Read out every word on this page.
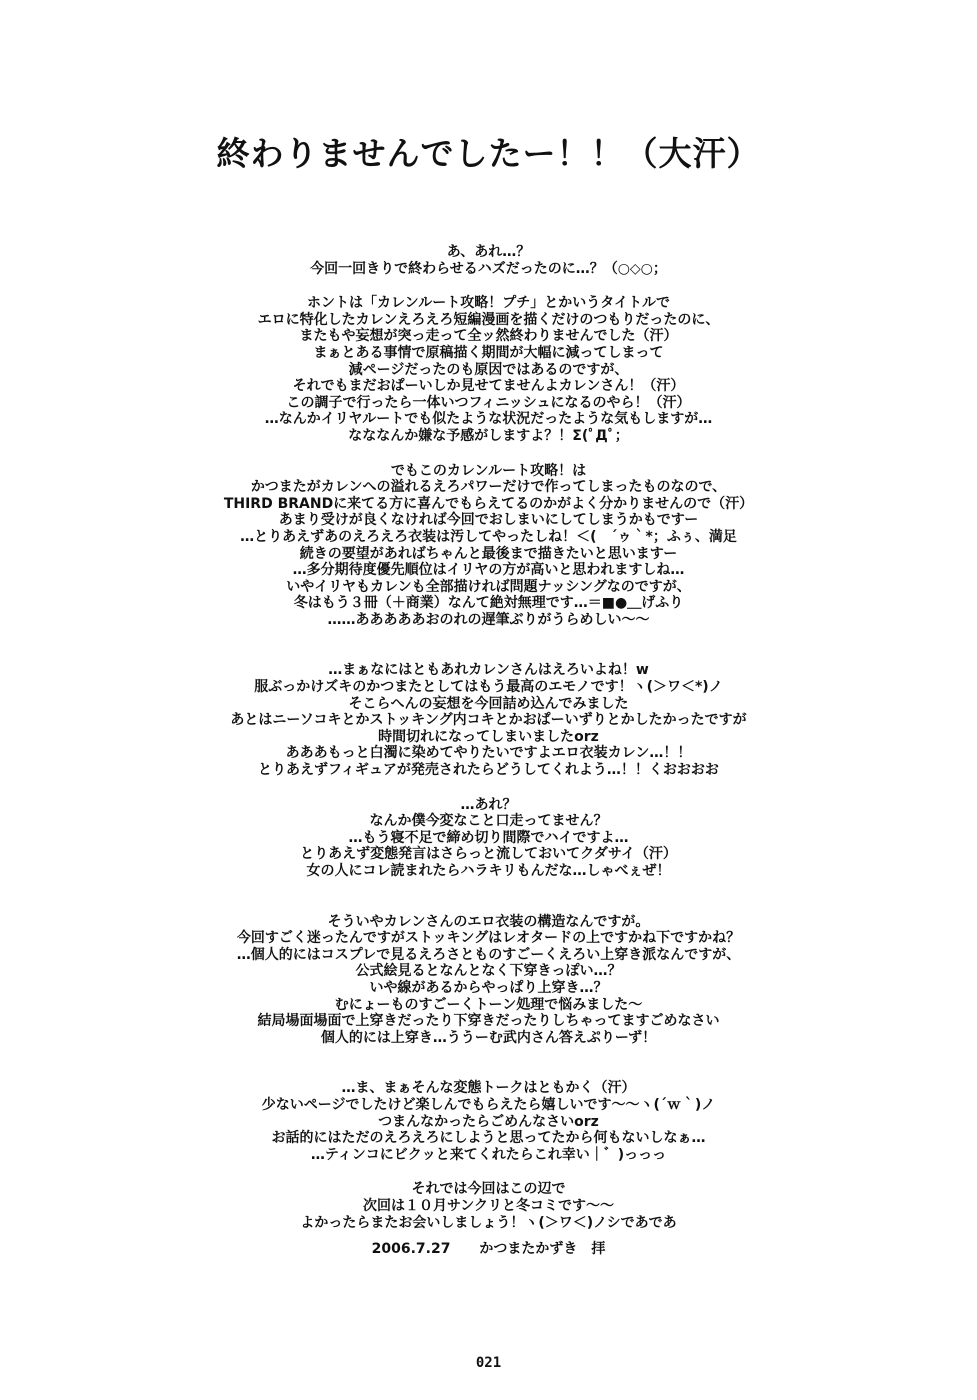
終わりませんでしたー！！（大汗）
あ、あれ…？
今回一回きりで終わらせるハズだったのに…？（○◇○；
ホントは「カレンルート攻略！プチ」とかいうタイトルで
エロに特化したカレンえろえろ短編漫画を描くだけのつもりだったのに、
またもや妄想が突っ走って全ッ然終わりませんでした（汗）
まぁとある事情で原稿描く期間が大幅に減ってしまって
減ページだったのも原因ではあるのですが、
それでもまだおぱーいしか見せてませんよカレンさん！（汗）
この調子で行ったら一体いつフィニッシュになるのやら！（汗）
…なんかイリヤルートでも似たような状況だったような気もしますが…
なななんか嫌な予感がしますよ？！Σ(ﾟДﾟ；
でもこのカレンルート攻略！は
かつまたがカレンへの溢れるえろパワーだけで作ってしまったものなので、
THIRD BRANDに来てる方に喜んでもらえてるのかがよく分かりませんので（汗）
あまり受けが良くなければ今回でおしまいにしてしまうかもですー
…とりあえずあのえろえろ衣装は汚してやったしね！＜(　´ゥ｀*；ふぅ、満足
続きの要望があればちゃんと最後まで描きたいと思いますー
…多分期待度優先順位はイリヤの方が高いと思われますしね…
いやイリヤもカレンも全部描ければ問題ナッシングなのですが、
冬はもう３冊（＋商業）なんて絶対無理です…＝■●＿げふり
……あああああおのれの遅筆ぶりがうらめしい～～
…まぁなにはともあれカレンさんはえろいよね！w
服ぶっかけズキのかつまたとしてはもう最高のエモノです！ヽ(＞ワ＜*)ノ
そこらへんの妄想を今回詰め込んでみました
あとはニーソコキとかストッキング内コキとかおぱーいずりとかしたかったですが
時間切れになってしまいましたorz
あああもっと白濁に染めてやりたいですよエロ衣装カレン…！！
とりあえずフィギュアが発売されたらどうしてくれよう…！！くおおおお
…あれ？
なんか僕今変なこと口走ってません？
…もう寝不足で締め切り間際でハイですよ…
とりあえず変態発言はさらっと流しておいてクダサイ（汗）
女の人にコレ読まれたらハラキリもんだな…しゃべぇぜ！
そういやカレンさんのエロ衣装の構造なんですが。
今回すごく迷ったんですがストッキングはレオタードの上ですかね下ですかね？
…個人的にはコスプレで見るえろさとものすごーくえろい上穿き派なんですが、
公式絵見るとなんとなく下穿きっぽい…？
いや線があるからやっぱり上穿き…？
むにょーものすごーくトーン処理で悩みました～
結局場面場面で上穿きだったり下穿きだったりしちゃってますごめなさい
個人的には上穿き…ううーむ武内さん答えぷりーず！
…ま、まぁそんな変態トークはともかく（汗）
少ないページでしたけど楽しんでもらえたら嬉しいです～～ヽ(´ｗ｀)ノ
つまんなかったらごめんなさいorz
お話的にはただのえろえろにしようと思ってたから何もないしなぁ…
…ティンコにビクッと来てくれたらこれ幸い｜゛)っっっ
それでは今回はこの辺で
次回は１０月サンクリと冬コミです～～
よかったらまたお会いしましょう！ヽ(＞ワ＜)ノシであであ
2006.7.27 かつまたかずき　拝
021
